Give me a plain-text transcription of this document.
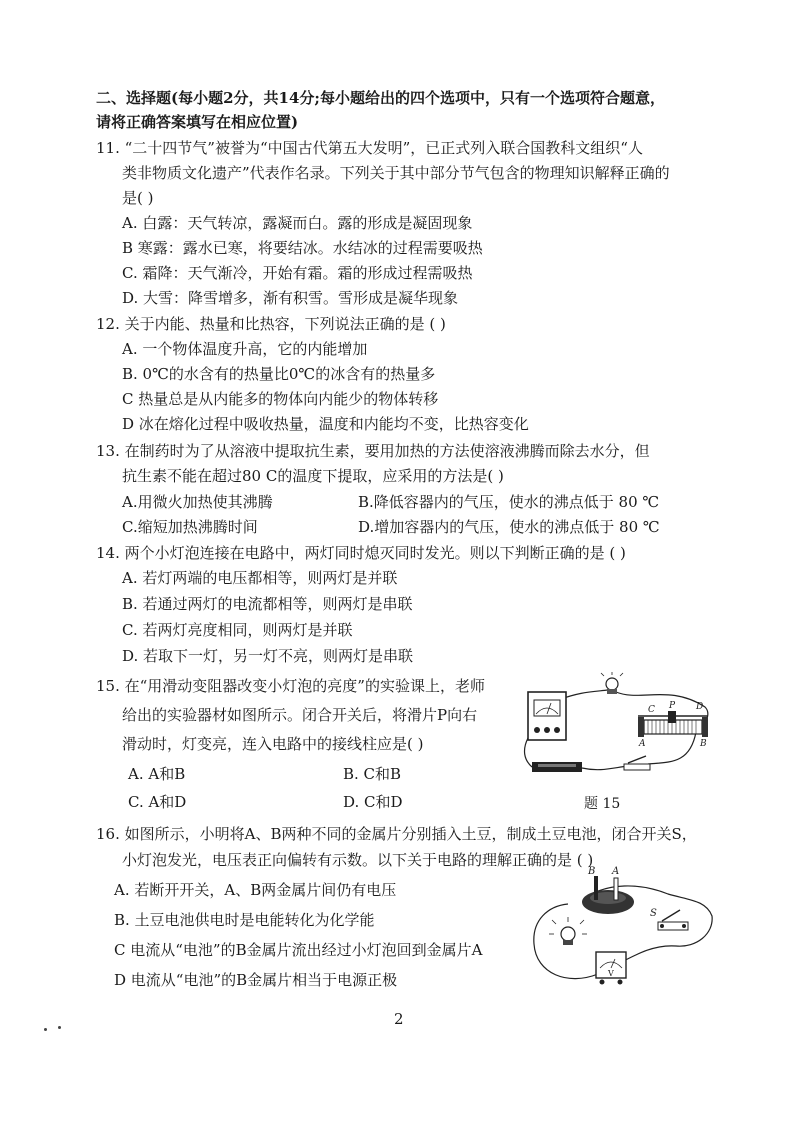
二、选择题(每小题2分，共14分;每小题给出的四个选项中，只有一个选项符合题意，
请将正确答案填写在相应位置)
11. “二十四节气”被誉为“中国古代第五大发明”，已正式列入联合国教科文组织“人
类非物质文化遗产”代表作名录。下列关于其中部分节气包含的物理知识解释正确的
是( )
A. 白露：天气转凉，露凝而白。露的形成是凝固现象
B 寒露：露水已寒，将要结冰。水结冰的过程需要吸热
C. 霜降：天气渐冷，开始有霜。霜的形成过程需吸热
D. 大雪：降雪增多，渐有积雪。雪形成是凝华现象
12. 关于内能、热量和比热容，下列说法正确的是 ( )
A. 一个物体温度升高，它的内能增加
B. 0℃的水含有的热量比0℃的冰含有的热量多
C 热量总是从内能多的物体向内能少的物体转移
D 冰在熔化过程中吸收热量，温度和内能均不变，比热容变化
13. 在制药时为了从溶液中提取抗生素，要用加热的方法使溶液沸腾而除去水分，但
抗生素不能在超过80 C的温度下提取，应采用的方法是( )
A.用微火加热使其沸腾	B.降低容器内的气压，使水的沸点低于 80 ℃
C.缩短加热沸腾时间	D.增加容器内的气压，使水的沸点低于 80 ℃
14. 两个小灯泡连接在电路中，两灯同时熄灭同时发光。则以下判断正确的是 ( )
A. 若灯两端的电压都相等，则两灯是并联
B. 若通过两灯的电流都相等，则两灯是串联
C. 若两灯亮度相同，则两灯是并联
D. 若取下一灯，另一灯不亮，则两灯是串联
15. 在“用滑动变阻器改变小灯泡的亮度”的实验课上，老师
给出的实验器材如图所示。闭合开关后，将滑片P向右
滑动时，灯变亮，连入电路中的接线柱应是( )
A. A和B	B. C和B
C. A和D	D. C和D
C P D
A	B
题 15
16. 如图所示，小明将A、B两种不同的金属片分别插入土豆，制成土豆电池，闭合开关S，
小灯泡发光，电压表正向偏转有示数。以下关于电路的理解正确的是 ( )
A. 若断开开关，A、B两金属片间仍有电压
B. 土豆电池供电时是电能转化为化学能
C 电流从“电池”的B金属片流出经过小灯泡回到金属片A
D 电流从“电池”的B金属片相当于电源正极
B A
S
V
2
